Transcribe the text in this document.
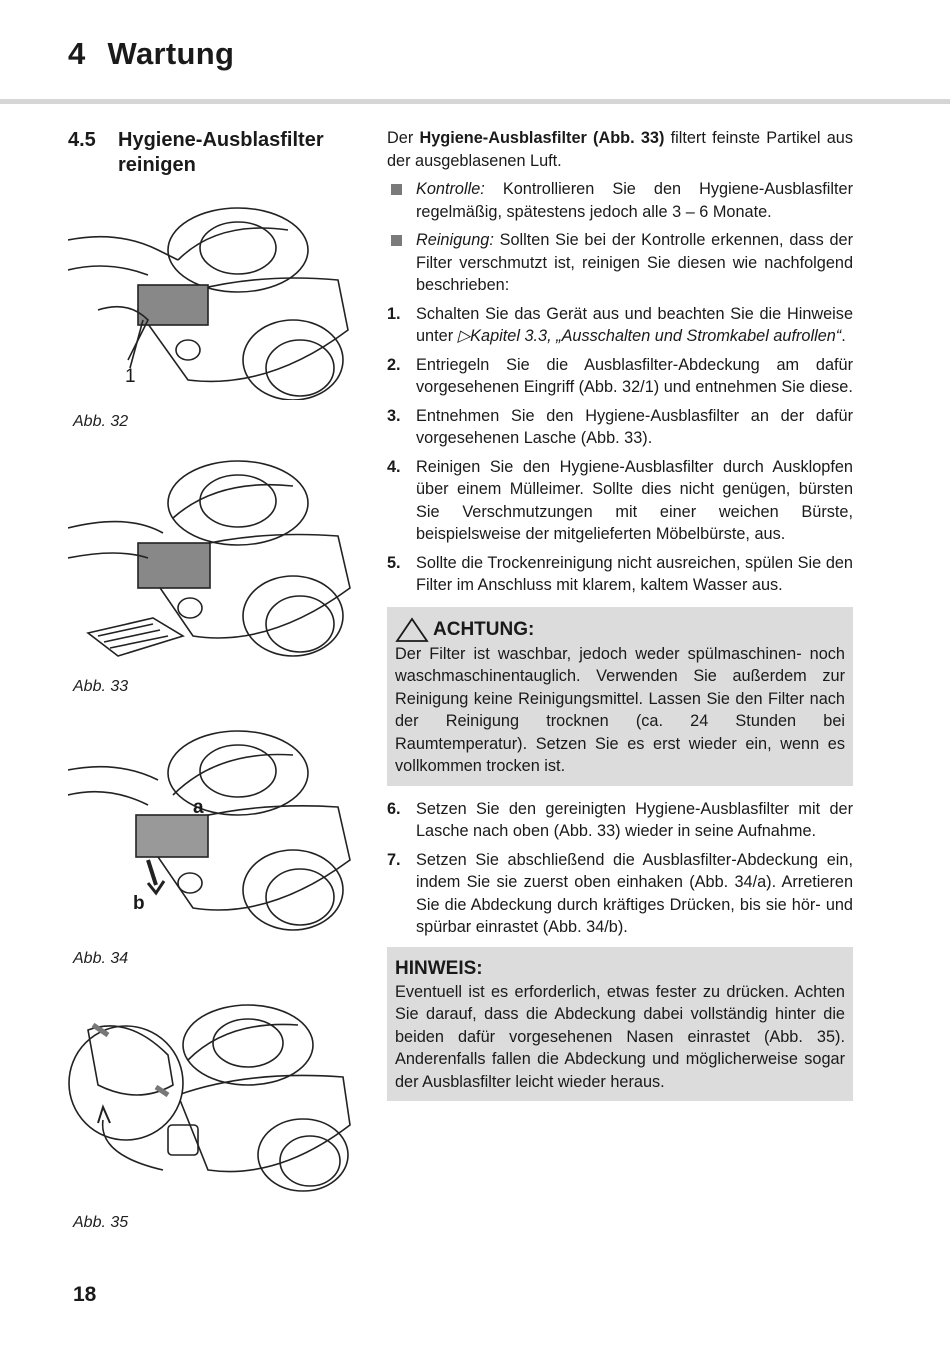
4 Wartung
4.5 Hygiene-Ausblasfilter reinigen
1
Abb. 32
Abb. 33
a
b
Abb. 34
Abb. 35
18

Der Hygiene-Ausblasfilter (Abb. 33) filtert feinste Partikel aus der ausgeblasenen Luft.

Kontrolle: Kontrollieren Sie den Hygiene-Ausblasfilter regelmäßig, spätestens jedoch alle 3 – 6 Monate.
Reinigung: Sollten Sie bei der Kontrolle erkennen, dass der Filter verschmutzt ist, reinigen Sie diesen wie nachfolgend beschrieben:
1. Schalten Sie das Gerät aus und beachten Sie die Hinweise unter ▷Kapitel 3.3, „Ausschalten und Stromkabel aufrollen“.
2. Entriegeln Sie die Ausblasfilter-Abdeckung am dafür vorgesehenen Eingriff (Abb. 32/1) und entnehmen Sie diese.
3. Entnehmen Sie den Hygiene-Ausblasfilter an der dafür vorgesehenen Lasche (Abb. 33).
4. Reinigen Sie den Hygiene-Ausblasfilter durch Ausklopfen über einem Mülleimer. Sollte dies nicht genügen, bürsten Sie Verschmutzungen mit einer weichen Bürste, beispielsweise der mitgelieferten Möbelbürste, aus.
5. Sollte die Trockenreinigung nicht ausreichen, spülen Sie den Filter im Anschluss mit klarem, kaltem Wasser aus.
ACHTUNG:
Der Filter ist waschbar, jedoch weder spülmaschinen- noch waschmaschinentauglich. Verwenden Sie außerdem zur Reinigung keine Reinigungsmittel. Lassen Sie den Filter nach der Reinigung trocknen (ca. 24 Stunden bei Raumtemperatur). Setzen Sie es erst wieder ein, wenn es vollkommen trocken ist.
6. Setzen Sie den gereinigten Hygiene-Ausblasfilter mit der Lasche nach oben (Abb. 33) wieder in seine Aufnahme.
7. Setzen Sie abschließend die Ausblasfilter-Abdeckung ein, indem Sie sie zuerst oben einhaken (Abb. 34/a). Arretieren Sie die Abdeckung durch kräftiges Drücken, bis sie hör- und spürbar einrastet (Abb. 34/b).
HINWEIS:
Eventuell ist es erforderlich, etwas fester zu drücken. Achten Sie darauf, dass die Abdeckung dabei vollständig hinter die beiden dafür vorgesehenen Nasen einrastet (Abb. 35). Anderenfalls fallen die Abdeckung und möglicherweise sogar der Ausblasfilter leicht wieder heraus.
